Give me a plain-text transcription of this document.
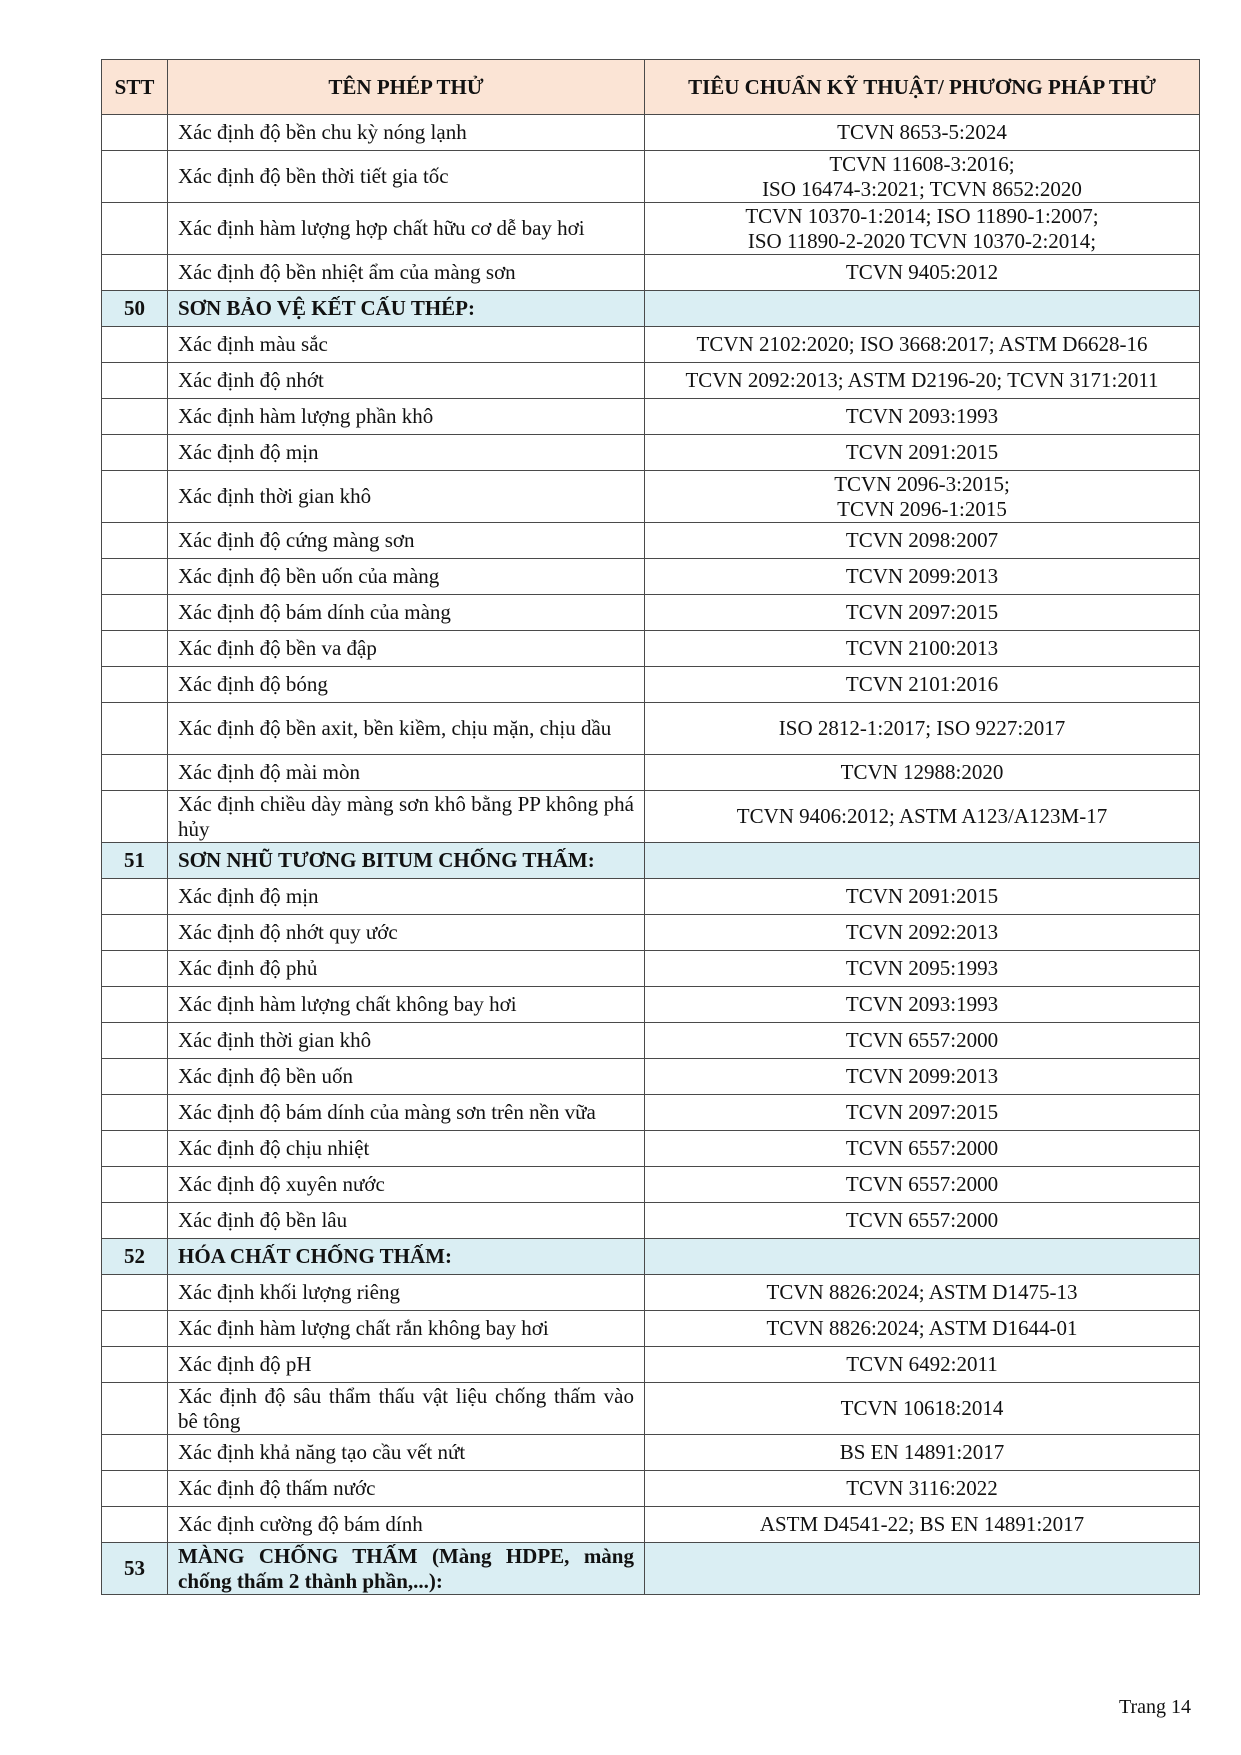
STT	TÊN PHÉP THỬ	TIÊU CHUẨN KỸ THUẬT/ PHƯƠNG PHÁP THỬ
	Xác định độ bền chu kỳ nóng lạnh	TCVN 8653-5:2024

	Xác định độ bền thời tiết gia tốc	TCVN 11608-3:2016;
ISO 16474-3:2021; TCVN 8652:2020

	Xác định hàm lượng hợp chất hữu cơ dễ bay hơi	TCVN 10370-1:2014; ISO 11890-1:2007;
ISO 11890-2-2020 TCVN 10370-2:2014;

	Xác định độ bền nhiệt ẩm của màng sơn	TCVN 9405:2012

50	SƠN BẢO VỆ KẾT CẤU THÉP:	
	Xác định màu sắc	TCVN 2102:2020; ISO 3668:2017; ASTM D6628-16

	Xác định độ nhớt	TCVN 2092:2013; ASTM D2196-20; TCVN 3171:2011

	Xác định hàm lượng phần khô	TCVN 2093:1993

	Xác định độ mịn	TCVN 2091:2015

	Xác định thời gian khô	TCVN 2096-3:2015;
TCVN 2096-1:2015

	Xác định độ cứng màng sơn	TCVN 2098:2007

	Xác định độ bền uốn của màng	TCVN 2099:2013

	Xác định độ bám dính của màng	TCVN 2097:2015

	Xác định độ bền va đập	TCVN 2100:2013

	Xác định độ bóng	TCVN 2101:2016

	Xác định độ bền axit, bền kiềm, chịu mặn, chịu dầu	ISO 2812-1:2017; ISO 9227:2017

	Xác định độ mài mòn	TCVN 12988:2020

	Xác định chiều dày màng sơn khô bằng PP không phá hủy	TCVN 9406:2012; ASTM A123/A123M-17

51	SƠN NHŨ TƯƠNG BITUM CHỐNG THẤM:	
	Xác định độ mịn	TCVN 2091:2015

	Xác định độ nhớt quy ước	TCVN 2092:2013

	Xác định độ phủ	TCVN 2095:1993

	Xác định hàm lượng chất không bay hơi	TCVN 2093:1993

	Xác định thời gian khô	TCVN 6557:2000

	Xác định độ bền uốn	TCVN 2099:2013

	Xác định độ bám dính của màng sơn trên nền vữa	TCVN 2097:2015

	Xác định độ chịu nhiệt	TCVN 6557:2000

	Xác định độ xuyên nước	TCVN 6557:2000

	Xác định độ bền lâu	TCVN 6557:2000

52	HÓA CHẤT CHỐNG THẤM:	
	Xác định khối lượng riêng	TCVN 8826:2024; ASTM D1475-13

	Xác định hàm lượng chất rắn không bay hơi	TCVN 8826:2024; ASTM D1644-01

	Xác định độ pH	TCVN 6492:2011

	Xác định độ sâu thẩm thấu vật liệu chống thấm vào bê tông	TCVN 10618:2014

	Xác định khả năng tạo cầu vết nứt	BS EN 14891:2017

	Xác định độ thấm nước	TCVN 3116:2022

	Xác định cường độ bám dính	ASTM D4541-22; BS EN 14891:2017

53	MÀNG CHỐNG THẤM (Màng HDPE, màng chống thấm 2 thành phần,...):	
Trang 14
